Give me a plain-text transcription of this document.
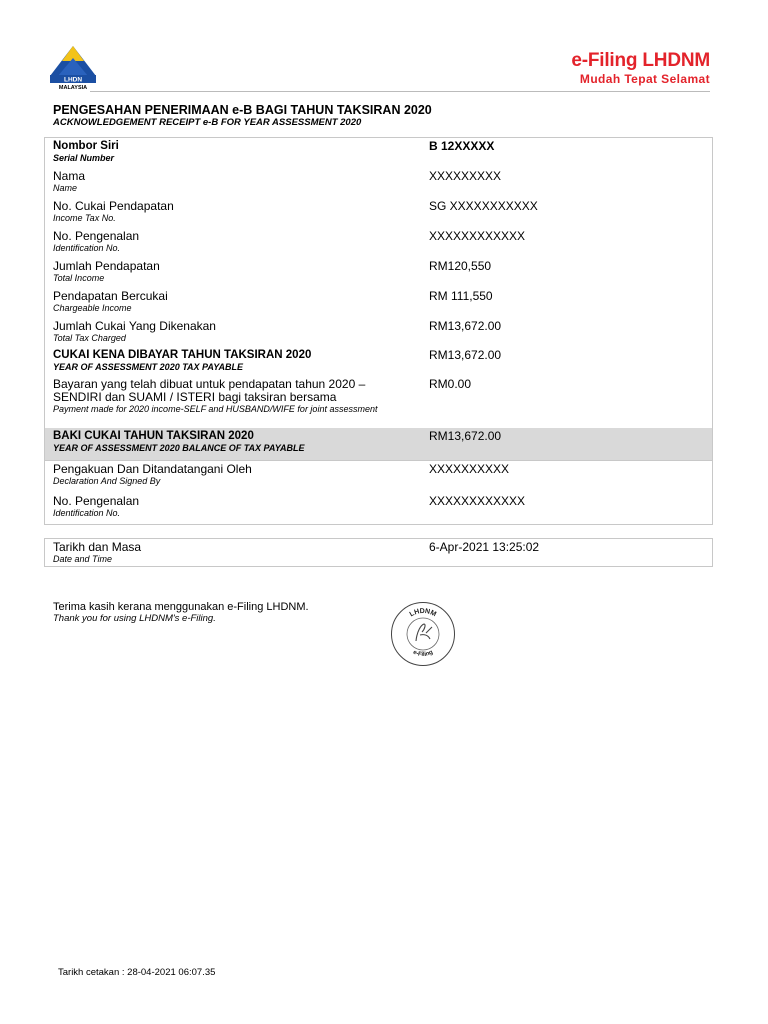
LHDN
MALAYSIA
e-Filing LHDNM
Mudah Tepat Selamat
PENGESAHAN PENERIMAAN e-B BAGI TAHUN TAKSIRAN 2020
ACKNOWLEDGEMENT RECEIPT e-B FOR YEAR ASSESSMENT 2020
Nombor Siri
Serial Number
B 12XXXXX
Nama
Name
XXXXXXXXX
No. Cukai Pendapatan
Income Tax No.
SG XXXXXXXXXXX
No. Pengenalan
Identification No.
XXXXXXXXXXXX
Jumlah Pendapatan
Total Income
RM120,550
Pendapatan Bercukai
Chargeable Income
RM 111,550
Jumlah Cukai Yang Dikenakan
Total Tax Charged
RM13,672.00
CUKAI KENA DIBAYAR TAHUN TAKSIRAN 2020
YEAR OF ASSESSMENT 2020 TAX PAYABLE
RM13,672.00
Bayaran yang telah dibuat untuk pendapatan tahun 2020 – SENDIRI dan SUAMI / ISTERI bagi taksiran bersama
Payment made for 2020 income-SELF and HUSBAND/WIFE for joint assessment
RM0.00
BAKI CUKAI TAHUN TAKSIRAN 2020
YEAR OF ASSESSMENT 2020 BALANCE OF TAX PAYABLE
RM13,672.00
Pengakuan Dan Ditandatangani Oleh
Declaration And Signed By
XXXXXXXXXX
No. Pengenalan
Identification No.
XXXXXXXXXXXX
Tarikh dan Masa
Date and Time
6-Apr-2021 13:25:02
Terima kasih kerana menggunakan e-Filing LHDNM.
Thank you for using LHDNM's e-Filing.	LHDNM
e-Filing
Tarikh cetakan : 28-04-2021 06:07.35
